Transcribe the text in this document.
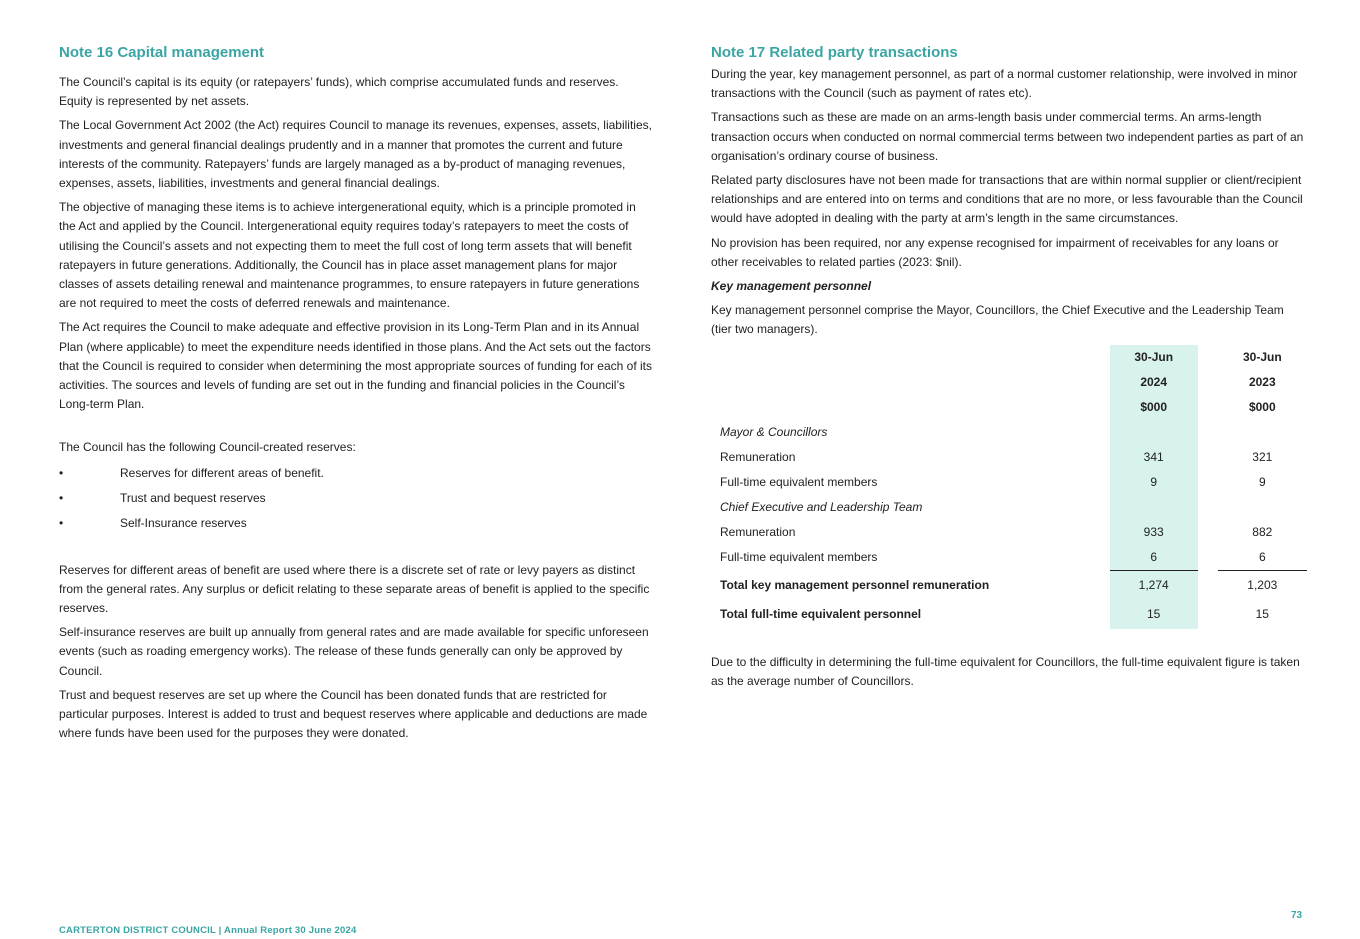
Note 16 Capital management

The Council’s capital is its equity (or ratepayers’ funds), which comprise accumulated funds and reserves. Equity is represented by net assets.

The Local Government Act 2002 (the Act) requires Council to manage its revenues, expenses, assets, liabilities, investments and general financial dealings prudently and in a manner that promotes the current and future interests of the community. Ratepayers’ funds are largely managed as a by-product of managing revenues, expenses, assets, liabilities, investments and general financial dealings.

The objective of managing these items is to achieve intergenerational equity, which is a principle promoted in the Act and applied by the Council. Intergenerational equity requires today’s ratepayers to meet the costs of utilising the Council’s assets and not expecting them to meet the full cost of long term assets that will benefit ratepayers in future generations. Additionally, the Council has in place asset management plans for major classes of assets detailing renewal and maintenance programmes, to ensure ratepayers in future generations are not required to meet the costs of deferred renewals and maintenance.

The Act requires the Council to make adequate and effective provision in its Long-Term Plan and in its Annual Plan (where applicable) to meet the expenditure needs identified in those plans. And the Act sets out the factors that the Council is required to consider when determining the most appropriate sources of funding for each of its activities. The sources and levels of funding are set out in the funding and financial policies in the Council’s Long-term Plan.

The Council has the following Council-created reserves:

•	Reserves for different areas of benefit.
•	Trust and bequest reserves
•	Self-Insurance reserves

Reserves for different areas of benefit are used where there is a discrete set of rate or levy payers as distinct from the general rates. Any surplus or deficit relating to these separate areas of benefit is applied to the specific reserves.

Self-insurance reserves are built up annually from general rates and are made available for specific unforeseen events (such as roading emergency works). The release of these funds generally can only be approved by Council.

Trust and bequest reserves are set up where the Council has been donated funds that are restricted for particular purposes. Interest is added to trust and bequest reserves where applicable and deductions are made where funds have been used for the purposes they were donated.

Note 17 Related party transactions

During the year, key management personnel, as part of a normal customer relationship, were involved in minor transactions with the Council (such as payment of rates etc).

Transactions such as these are made on an arms-length basis under commercial terms. An arms-length transaction occurs when conducted on normal commercial terms between two independent parties as part of an organisation’s ordinary course of business.

Related party disclosures have not been made for transactions that are within normal supplier or client/recipient relationships and are entered into on terms and conditions that are no more, or less favourable than the Council would have adopted in dealing with the party at arm’s length in the same circumstances.

No provision has been required, nor any expense recognised for impairment of receivables for any loans or other receivables to related parties (2023: $nil).

Key management personnel

Key management personnel comprise the Mayor, Councillors, the Chief Executive and the Leadership Team (tier two managers).

	30-Jun		30-Jun
	2024		2023
	$000		$000
Mayor & Councillors			
Remuneration	341		321
Full-time equivalent members	9		9
Chief Executive and Leadership Team			
Remuneration	933		882
Full-time equivalent members	6		6
Total key management personnel remuneration	1,274		1,203
Total full-time equivalent personnel	15		15

Due to the difficulty in determining the full-time equivalent for Councillors, the full-time equivalent figure is taken as the average number of Councillors.

73
CARTERTON DISTRICT COUNCIL | Annual Report 30 June 2024
